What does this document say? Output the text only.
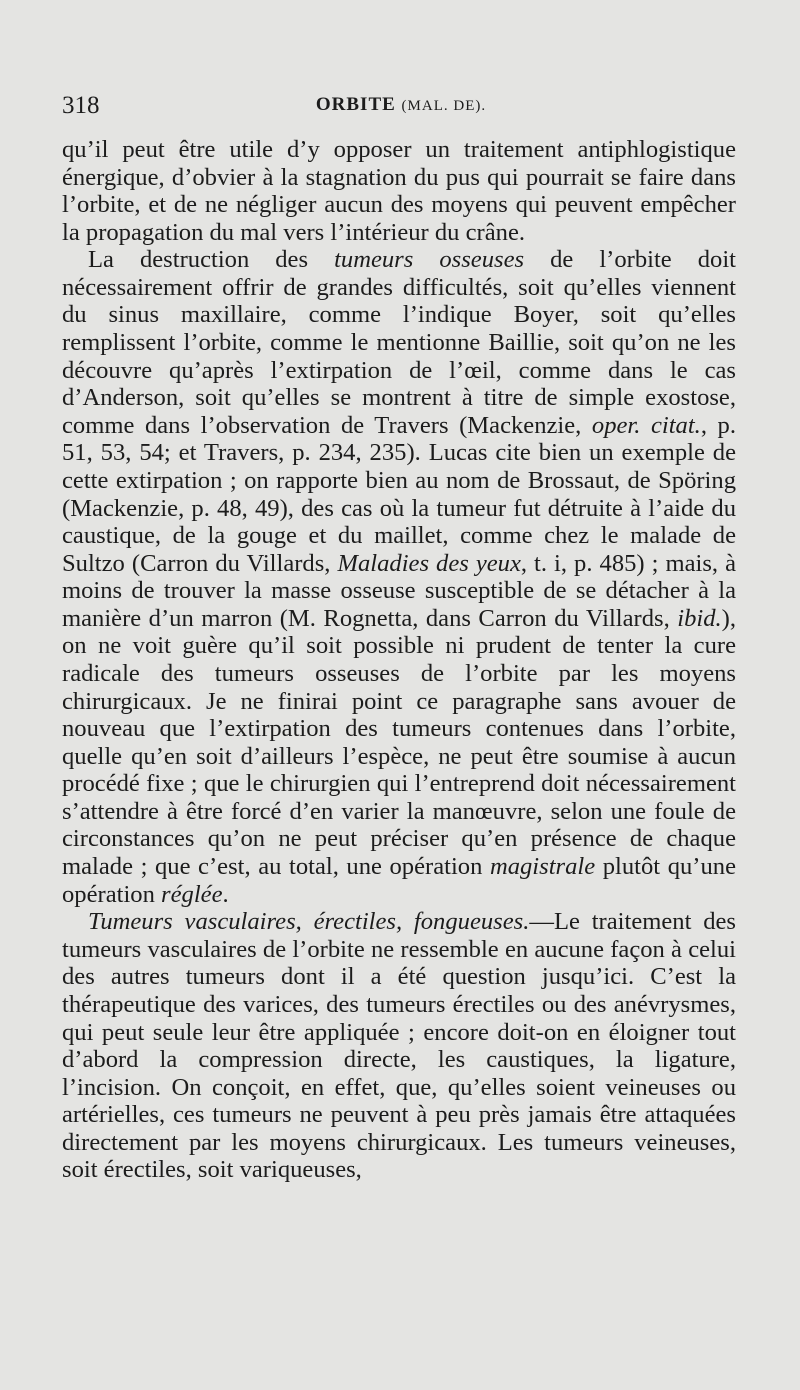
318	ORBITE (MAL. DE).

qu’il peut être utile d’y opposer un traitement antiphlogistique énergique, d’obvier à la stagnation du pus qui pourrait se faire dans l’orbite, et de ne négliger aucun des moyens qui peuvent empêcher la propagation du mal vers l’intérieur du crâne.

La destruction des tumeurs osseuses de l’orbite doit nécessairement offrir de grandes difficultés, soit qu’elles viennent du sinus maxillaire, comme l’indique Boyer, soit qu’elles remplissent l’orbite, comme le mentionne Baillie, soit qu’on ne les découvre qu’après l’extirpation de l’œil, comme dans le cas d’Anderson, soit qu’elles se montrent à titre de simple exostose, comme dans l’observation de Travers (Mackenzie, oper. citat., p. 51, 53, 54; et Travers, p. 234, 235). Lucas cite bien un exemple de cette extirpation ; on rapporte bien au nom de Brossaut, de Spöring (Mackenzie, p. 48, 49), des cas où la tumeur fut détruite à l’aide du caustique, de la gouge et du maillet, comme chez le malade de Sultzo (Carron du Villards, Maladies des yeux, t. i, p. 485) ; mais, à moins de trouver la masse osseuse susceptible de se détacher à la manière d’un marron (M. Rognetta, dans Carron du Villards, ibid.), on ne voit guère qu’il soit possible ni prudent de tenter la cure radicale des tumeurs osseuses de l’orbite par les moyens chirurgicaux. Je ne finirai point ce paragraphe sans avouer de nouveau que l’extirpation des tumeurs contenues dans l’orbite, quelle qu’en soit d’ailleurs l’espèce, ne peut être soumise à aucun procédé fixe ; que le chirurgien qui l’entreprend doit nécessairement s’attendre à être forcé d’en varier la manœuvre, selon une foule de circonstances qu’on ne peut préciser qu’en présence de chaque malade ; que c’est, au total, une opération magistrale plutôt qu’une opération réglée.

Tumeurs vasculaires, érectiles, fongueuses.—Le traitement des tumeurs vasculaires de l’orbite ne ressemble en aucune façon à celui des autres tumeurs dont il a été question jusqu’ici. C’est la thérapeutique des varices, des tumeurs érectiles ou des anévrysmes, qui peut seule leur être appliquée ; encore doit-on en éloigner tout d’abord la compression directe, les caustiques, la ligature, l’incision. On conçoit, en effet, que, qu’elles soient veineuses ou artérielles, ces tumeurs ne peuvent à peu près jamais être attaquées directement par les moyens chirurgicaux. Les tumeurs veineuses, soit érectiles, soit variqueuses,
